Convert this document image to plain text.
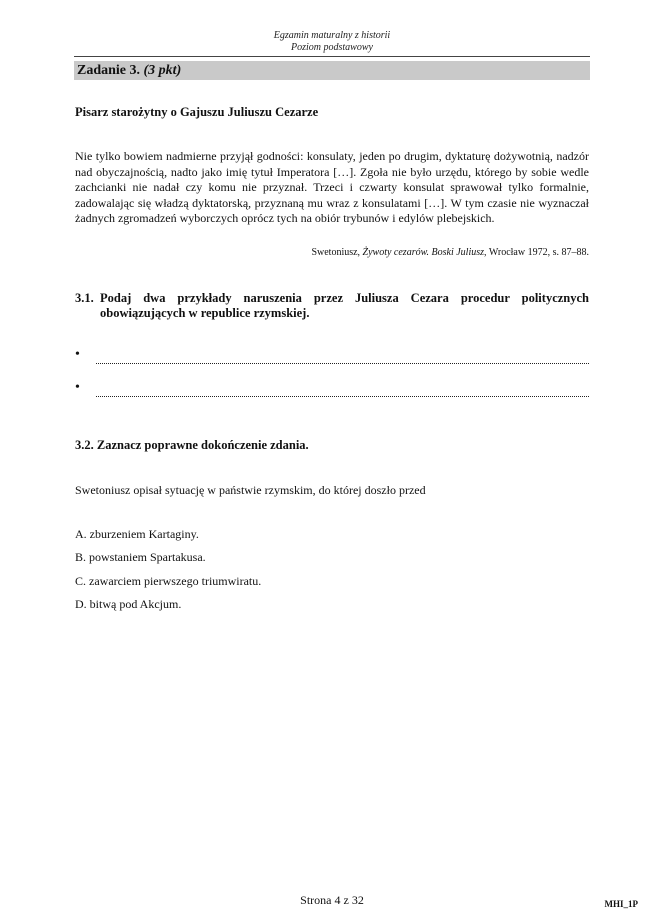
Egzamin maturalny z historii
Poziom podstawowy
Zadanie 3. (3 pkt)
Pisarz starożytny o Gajuszu Juliuszu Cezarze

Nie tylko bowiem nadmierne przyjął godności: konsulaty, jeden po drugim, dyktaturę dożywotnią, nadzór nad obyczajnością, nadto jako imię tytuł Imperatora […]. Zgoła nie było urzędu, którego by sobie wedle zachcianki nie nadał czy komu nie przyznał. Trzeci i czwarty konsulat sprawował tylko formalnie, zadowalając się władzą dyktatorską, przyznaną mu wraz z konsulatami […]. W tym czasie nie wyznaczał żadnych zgromadzeń wyborczych oprócz tych na obiór trybunów i edylów plebejskich.

Swetoniusz, Żywoty cezarów. Boski Juliusz, Wrocław 1972, s. 87–88.
3.1. Podaj dwa przykłady naruszenia przez Juliusza Cezara procedur politycznych obowiązujących w republice rzymskiej.
•
•
3.2. Zaznacz poprawne dokończenie zdania.
Swetoniusz opisał sytuację w państwie rzymskim, do której doszło przed
A. zburzeniem Kartaginy.
B. powstaniem Spartakusa.
C. zawarciem pierwszego triumwiratu.
D. bitwą pod Akcjum.
Strona 4 z 32	MHI_1P
